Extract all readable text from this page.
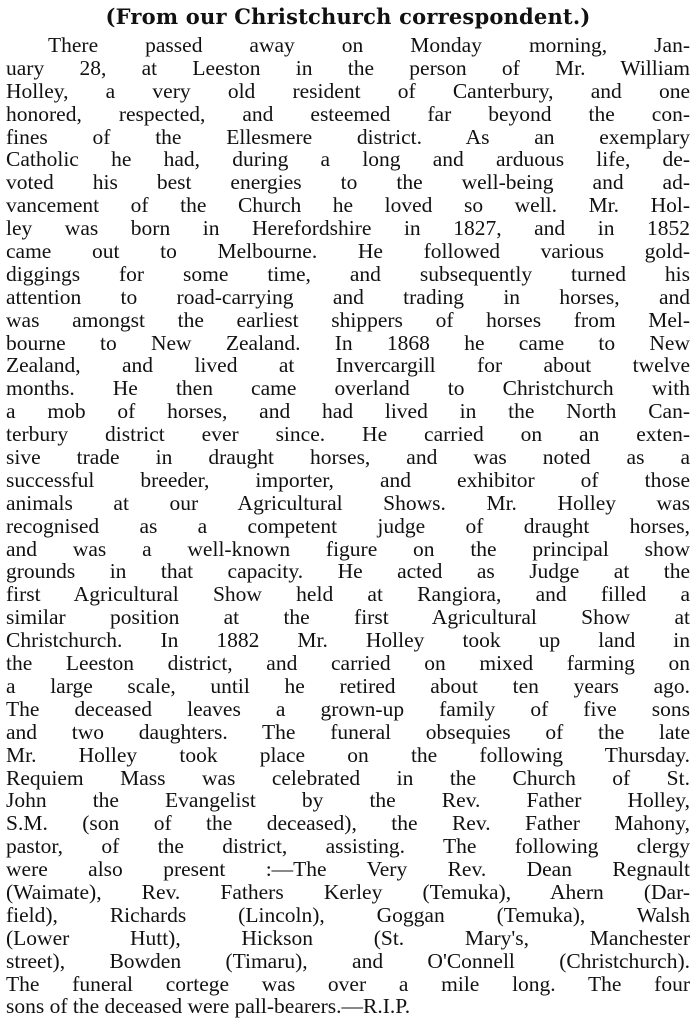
(From our Christchurch correspondent.)
There passed away on Monday morning, Jan-
uary 28, at Leeston in the person of Mr. William
Holley, a very old resident of Canterbury, and one
honored, respected, and esteemed far beyond the con-
fines of the Ellesmere district. As an exemplary
Catholic he had, during a long and arduous life, de-
voted his best energies to the well-being and ad-
vancement of the Church he loved so well. Mr. Hol-
ley was born in Herefordshire in 1827, and in 1852
came out to Melbourne. He followed various gold-
diggings for some time, and subsequently turned his
attention to road-carrying and trading in horses, and
was amongst the earliest shippers of horses from Mel-
bourne to New Zealand. In 1868 he came to New
Zealand, and lived at Invercargill for about twelve
months. He then came overland to Christchurch with
a mob of horses, and had lived in the North Can-
terbury district ever since. He carried on an exten-
sive trade in draught horses, and was noted as a
successful breeder, importer, and exhibitor of those
animals at our Agricultural Shows. Mr. Holley was
recognised as a competent judge of draught horses,
and was a well-known figure on the principal show
grounds in that capacity. He acted as Judge at the
first Agricultural Show held at Rangiora, and filled a
similar position at the first Agricultural Show at
Christchurch. In 1882 Mr. Holley took up land in
the Leeston district, and carried on mixed farming on
a large scale, until he retired about ten years ago.
The deceased leaves a grown-up family of five sons
and two daughters. The funeral obsequies of the late
Mr. Holley took place on the following Thursday.
Requiem Mass was celebrated in the Church of St.
John the Evangelist by the Rev. Father Holley,
S.M. (son of the deceased), the Rev. Father Mahony,
pastor, of the district, assisting. The following clergy
were also present :—The Very Rev. Dean Regnault
(Waimate), Rev. Fathers Kerley (Temuka), Ahern (Dar-
field), Richards (Lincoln), Goggan (Temuka), Walsh
(Lower Hutt), Hickson (St. Mary's, Manchester
street), Bowden (Timaru), and O'Connell (Christchurch).
The funeral cortege was over a mile long. The four
sons of the deceased were pall-bearers.—R.I.P.
